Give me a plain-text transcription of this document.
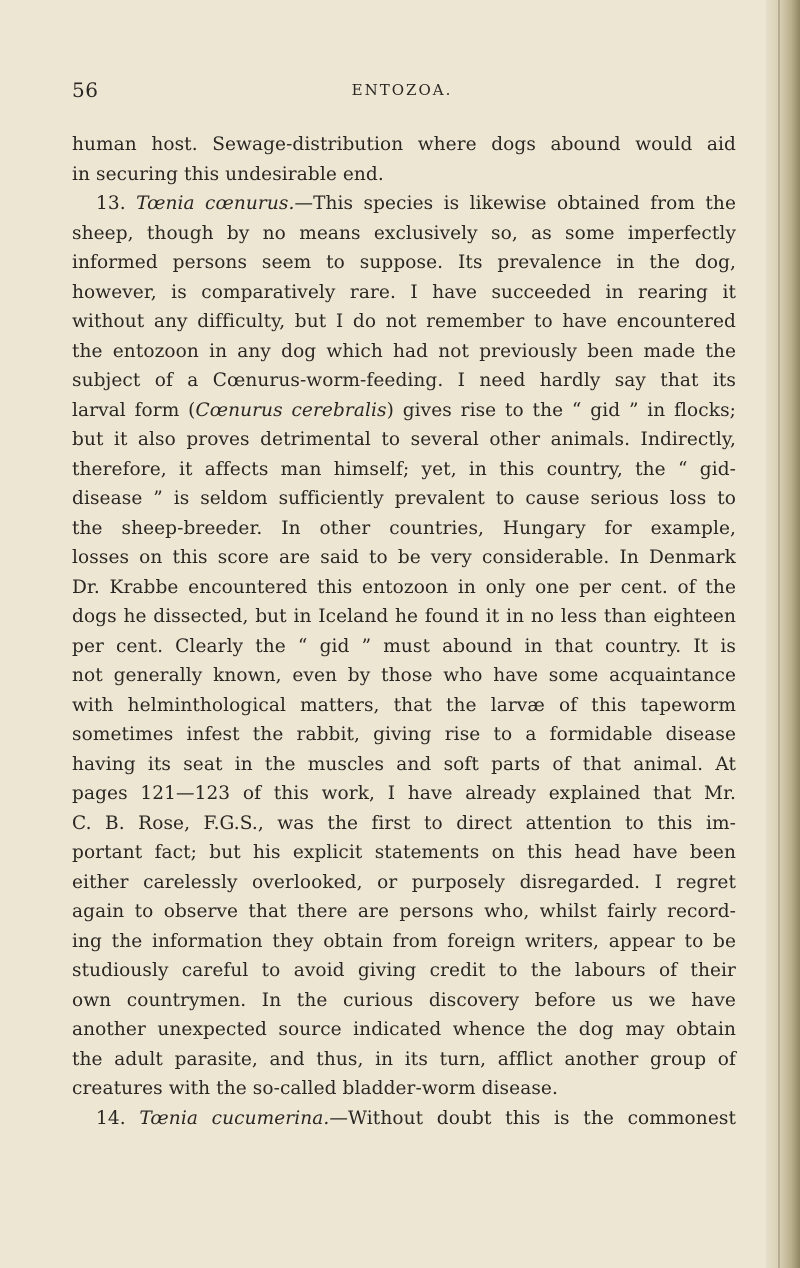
56	ENTOZOA.
human host. Sewage-distribution where dogs abound would aid
in securing this undesirable end.
13. Tœnia cœnurus.—This species is likewise obtained from the
sheep, though by no means exclusively so, as some imperfectly
informed persons seem to suppose. Its prevalence in the dog,
however, is comparatively rare. I have succeeded in rearing it
without any difficulty, but I do not remember to have encountered
the entozoon in any dog which had not previously been made the
subject of a Cœnurus-worm-feeding. I need hardly say that its
larval form (Cœnurus cerebralis) gives rise to the “ gid ” in flocks;
but it also proves detrimental to several other animals. Indirectly,
therefore, it affects man himself; yet, in this country, the “ gid-
disease ” is seldom sufficiently prevalent to cause serious loss to
the sheep-breeder. In other countries, Hungary for example,
losses on this score are said to be very considerable. In Denmark
Dr. Krabbe encountered this entozoon in only one per cent. of the
dogs he dissected, but in Iceland he found it in no less than eighteen
per cent. Clearly the “ gid ” must abound in that country. It is
not generally known, even by those who have some acquaintance
with helminthological matters, that the larvæ of this tapeworm
sometimes infest the rabbit, giving rise to a formidable disease
having its seat in the muscles and soft parts of that animal. At
pages 121—123 of this work, I have already explained that Mr.
C. B. Rose, F.G.S., was the first to direct attention to this im-
portant fact; but his explicit statements on this head have been
either carelessly overlooked, or purposely disregarded. I regret
again to observe that there are persons who, whilst fairly record-
ing the information they obtain from foreign writers, appear to be
studiously careful to avoid giving credit to the labours of their
own countrymen. In the curious discovery before us we have
another unexpected source indicated whence the dog may obtain
the adult parasite, and thus, in its turn, afflict another group of
creatures with the so-called bladder-worm disease.
14. Tœnia cucumerina.—Without doubt this is the commonest
